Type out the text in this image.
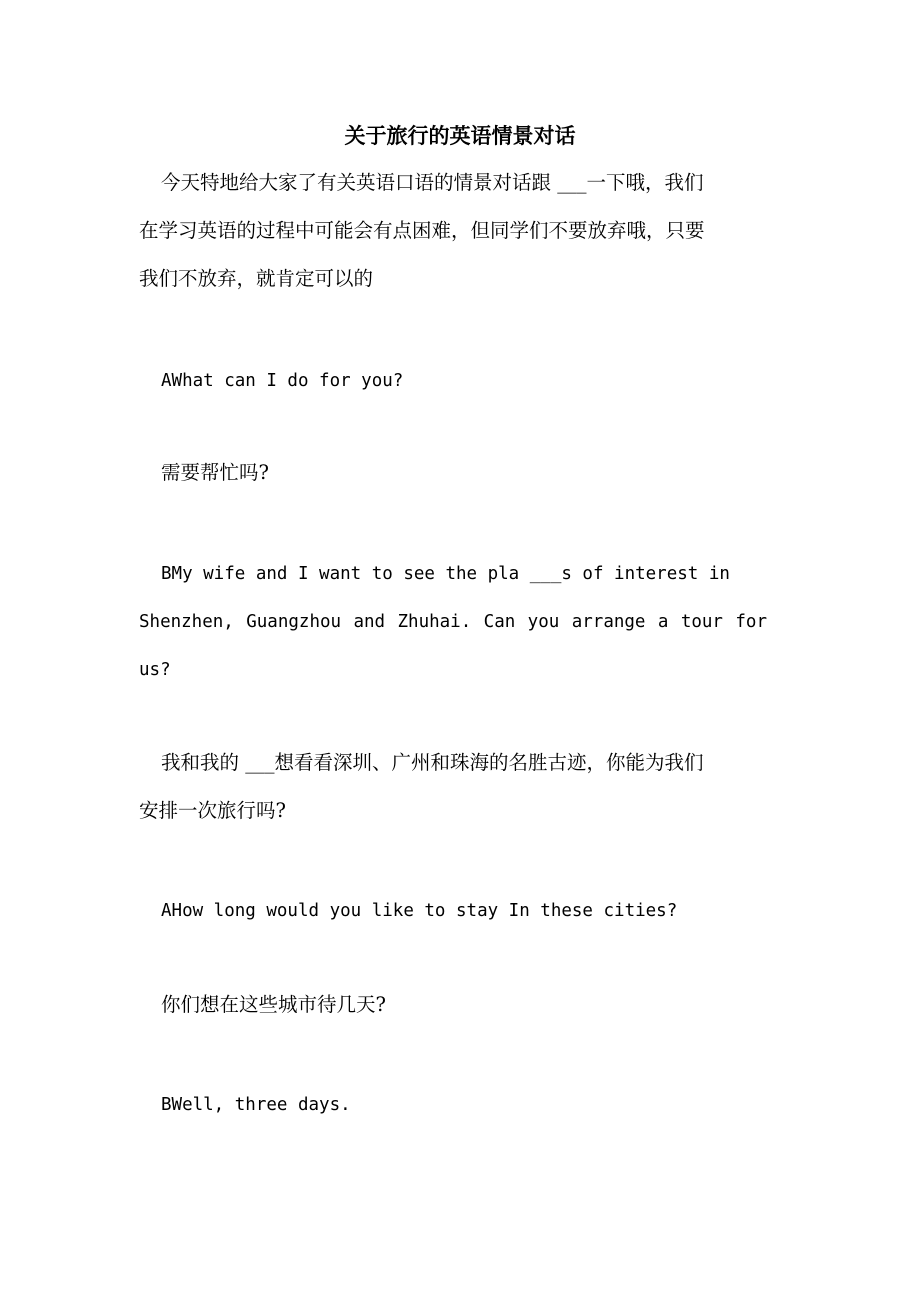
关于旅行的英语情景对话
今天特地给大家了有关英语口语的情景对话跟 ___一下哦，我们
在学习英语的过程中可能会有点困难，但同学们不要放弃哦，只要
我们不放弃，就肯定可以的
AWhat can I do for you?
需要帮忙吗?
BMy wife and I want to see the pla ___s of interest in
Shenzhen, Guangzhou and Zhuhai. Can you arrange a tour for
us?
我和我的 ___想看看深圳、广州和珠海的名胜古迹，你能为我们
安排一次旅行吗?
AHow long would you like to stay In these cities?
你们想在这些城市待几天?
BWell, three days.
